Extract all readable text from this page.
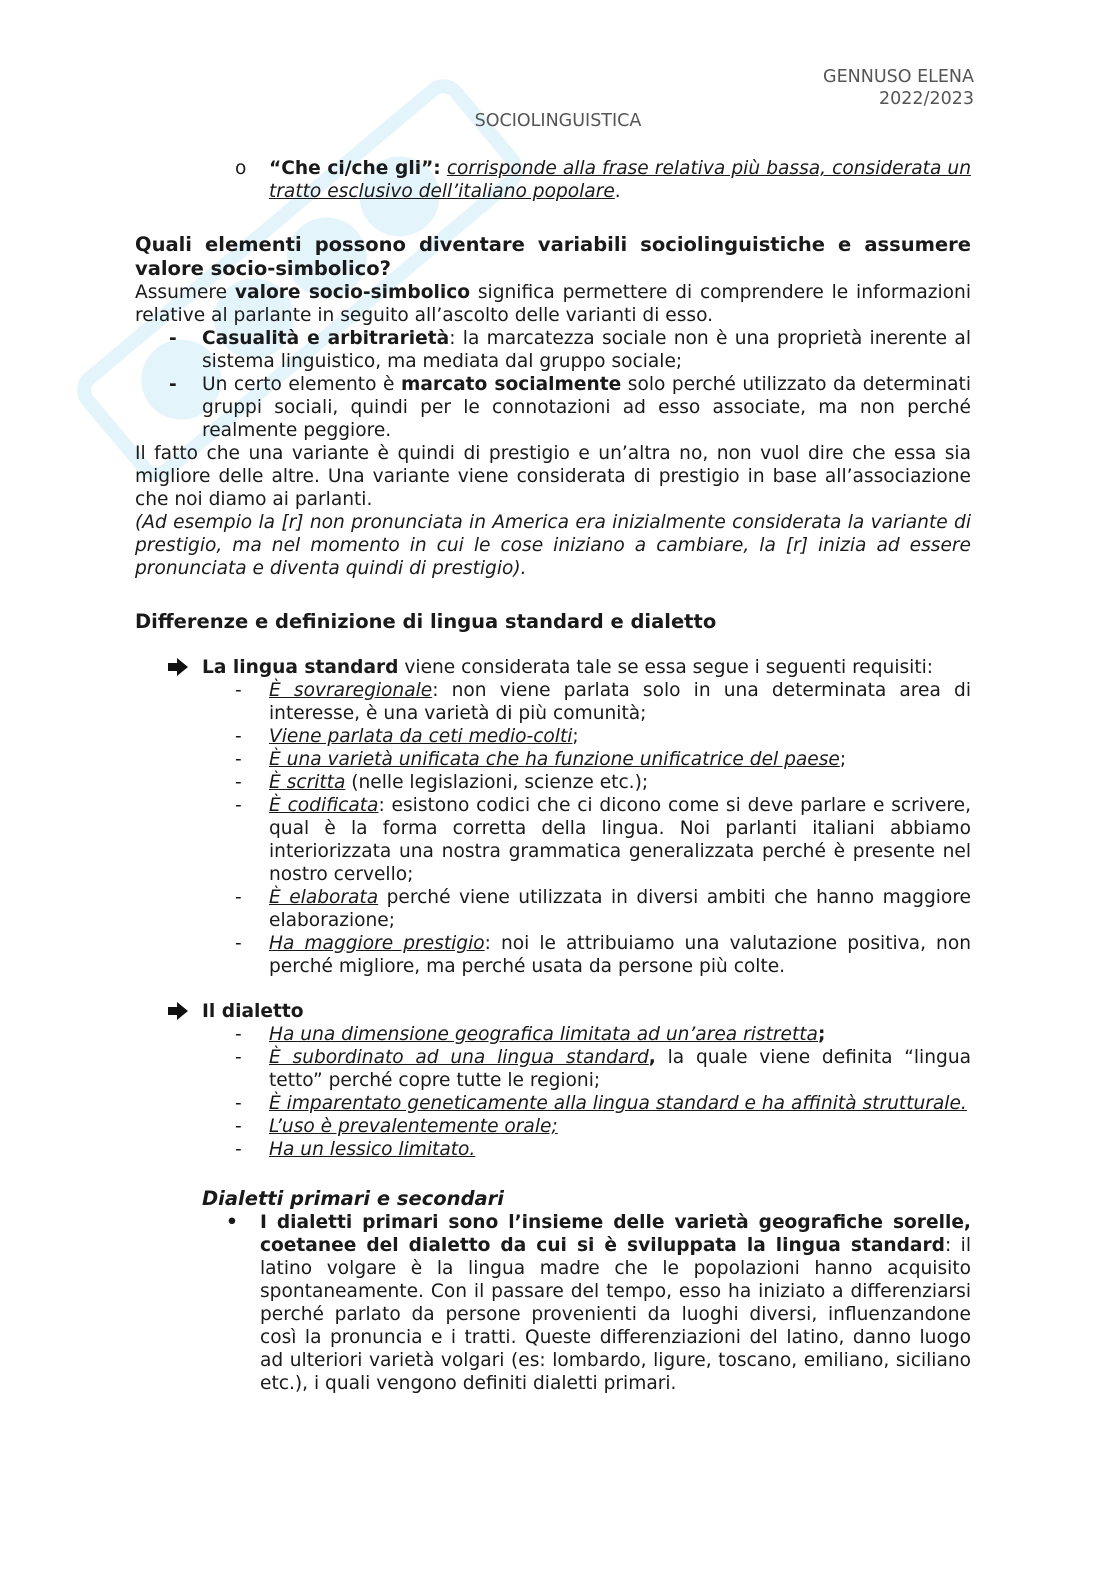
GENNUSO ELENA
2022/2023
SOCIOLINGUISTICA
o “Che ci/che gli”: corrisponde alla frase relativa più bassa, considerata un tratto esclusivo dell’italiano popolare.

Quali elementi possono diventare variabili sociolinguistiche e assumere valore socio-simbolico?

Assumere valore socio-simbolico significa permettere di comprendere le informazioni relative al parlante in seguito all’ascolto delle varianti di esso.

- Casualità e arbitrarietà: la marcatezza sociale non è una proprietà inerente al sistema linguistico, ma mediata dal gruppo sociale;
- Un certo elemento è marcato socialmente solo perché utilizzato da determinati gruppi sociali, quindi per le connotazioni ad esso associate, ma non perché realmente peggiore.

Il fatto che una variante è quindi di prestigio e un’altra no, non vuol dire che essa sia migliore delle altre. Una variante viene considerata di prestigio in base all’associazione che noi diamo ai parlanti.

(Ad esempio la [r] non pronunciata in America era inizialmente considerata la variante di prestigio, ma nel momento in cui le cose iniziano a cambiare, la [r] inizia ad essere pronunciata e diventa quindi di prestigio).

Differenze e definizione di lingua standard e dialetto

La lingua standard viene considerata tale se essa segue i seguenti requisiti:
- È sovraregionale: non viene parlata solo in una determinata area di interesse, è una varietà di più comunità;
- Viene parlata da ceti medio-colti;
- È una varietà unificata che ha funzione unificatrice del paese;
- È scritta (nelle legislazioni, scienze etc.);
- È codificata: esistono codici che ci dicono come si deve parlare e scrivere, qual è la forma corretta della lingua. Noi parlanti italiani abbiamo interiorizzata una nostra grammatica generalizzata perché è presente nel nostro cervello;
- È elaborata perché viene utilizzata in diversi ambiti che hanno maggiore elaborazione;
- Ha maggiore prestigio: noi le attribuiamo una valutazione positiva, non perché migliore, ma perché usata da persone più colte.
Il dialetto
- Ha una dimensione geografica limitata ad un’area ristretta;
- È subordinato ad una lingua standard, la quale viene definita “lingua tetto” perché copre tutte le regioni;
- È imparentato geneticamente alla lingua standard e ha affinità strutturale.
- L’uso è prevalentemente orale;
- Ha un lessico limitato.

Dialetti primari e secondari

• I dialetti primari sono l’insieme delle varietà geografiche sorelle, coetanee del dialetto da cui si è sviluppata la lingua standard: il latino volgare è la lingua madre che le popolazioni hanno acquisito spontaneamente. Con il passare del tempo, esso ha iniziato a differenziarsi perché parlato da persone provenienti da luoghi diversi, influenzandone così la pronuncia e i tratti. Queste differenziazioni del latino, danno luogo ad ulteriori varietà volgari (es: lombardo, ligure, toscano, emiliano, siciliano etc.), i quali vengono definiti dialetti primari.
